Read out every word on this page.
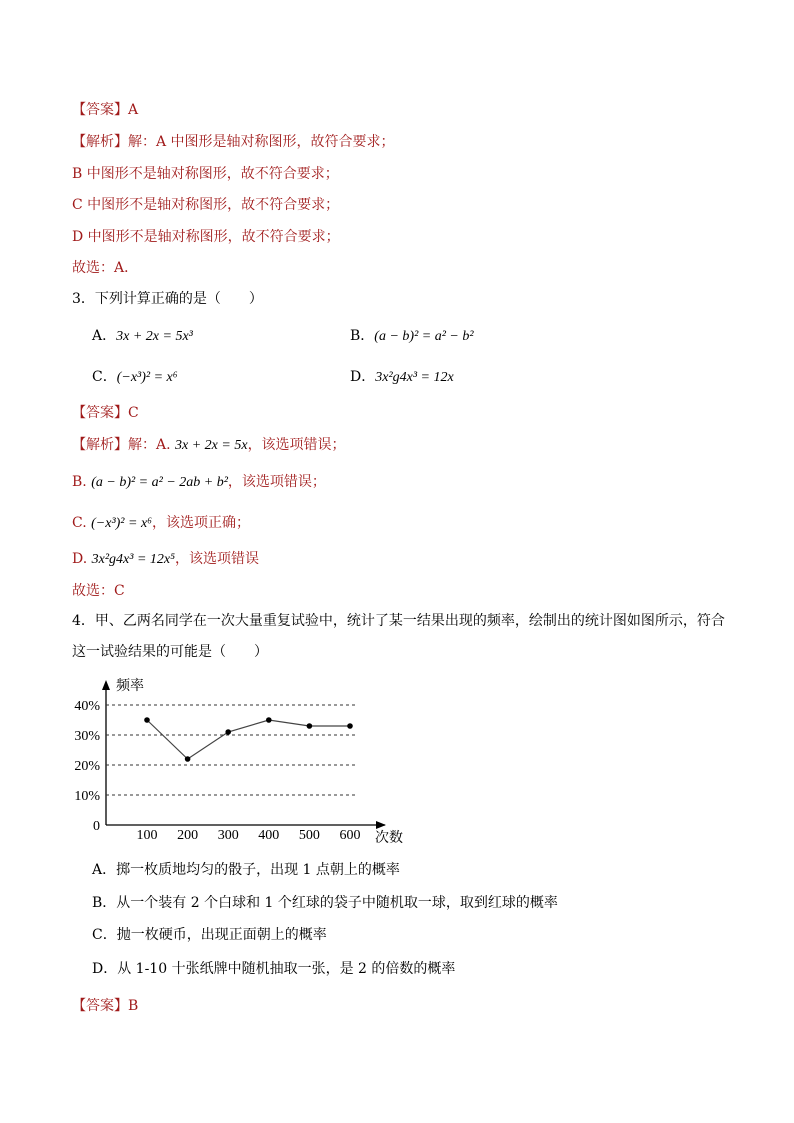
【答案】A
【解析】解：A 中图形是轴对称图形，故符合要求；
B 中图形不是轴对称图形，故不符合要求；
C 中图形不是轴对称图形，故不符合要求；
D 中图形不是轴对称图形，故不符合要求；
故选：A．
3．下列计算正确的是（　　）
A．3x + 2x = 5x³	B．(a − b)² = a² − b²
C．(−x³)² = x⁶	D．3x²g4x³ = 12x
【答案】C
【解析】解：A. 3x + 2x = 5x，该选项错误；
B. (a − b)² = a² − 2ab + b²，该选项错误；
C. (−x³)² = x⁶，该选项正确；
D. 3x²g4x³ = 12x⁵，该选项错误
故选：C
4．甲、乙两名同学在一次大量重复试验中，统计了某一结果出现的频率，绘制出的统计图如图所示，符合
这一试验结果的可能是（　　）
0
10%
20%
30%
40%
频率
100 200 300 400 500 600 次数
A．掷一枚质地均匀的骰子，出现 1 点朝上的概率
B．从一个装有 2 个白球和 1 个红球的袋子中随机取一球，取到红球的概率
C．抛一枚硬币，出现正面朝上的概率
D．从 1-10 十张纸牌中随机抽取一张，是 2 的倍数的概率
【答案】B
